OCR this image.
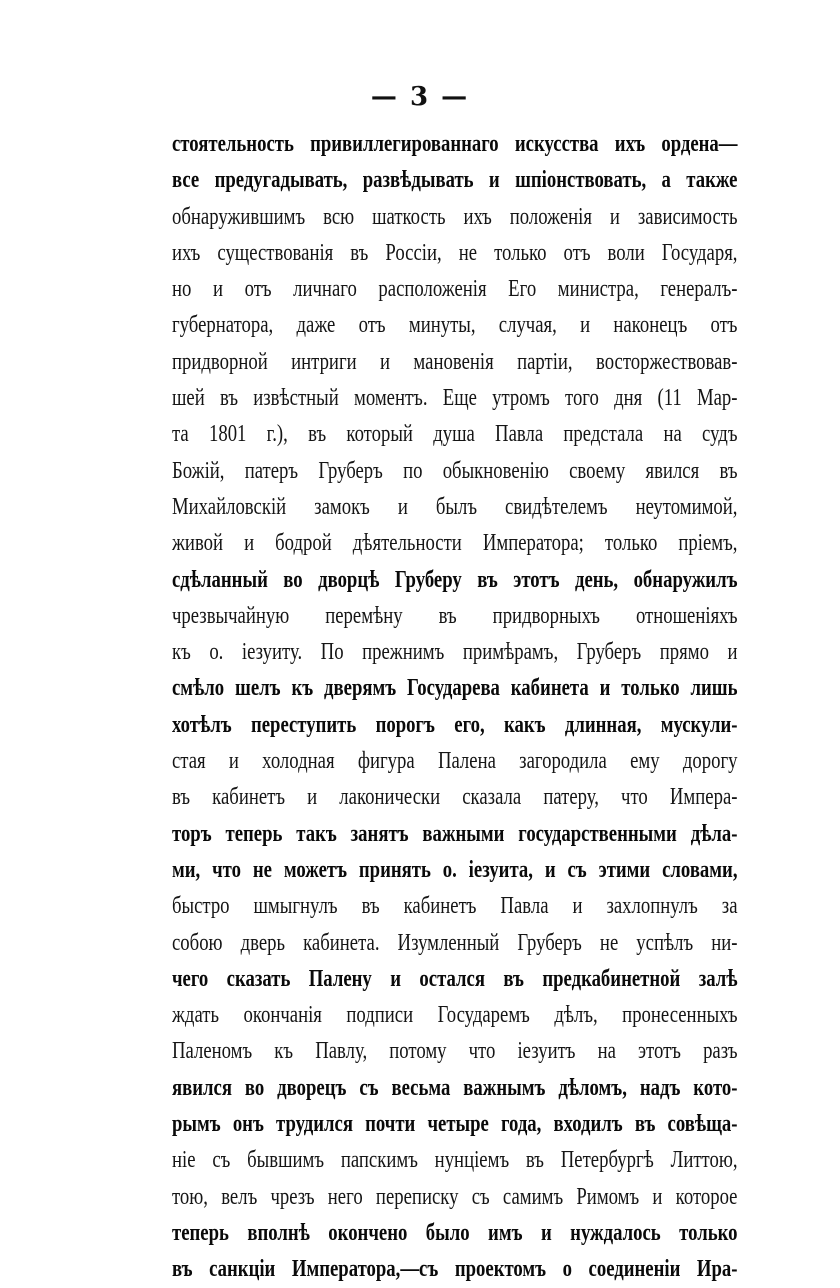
— 3 —
стоятельность привиллегированнаго искусства ихъ ордена—
все предугадывать, развѣдывать и шпіонствовать, а также
обнаружившимъ всю шаткость ихъ положенія и зависимость
ихъ существованія въ Россіи, не только отъ воли Государя,
но и отъ личнаго расположенія Его министра, генералъ-
губернатора, даже отъ минуты, случая, и наконецъ отъ
придворной интриги и мановенія партіи, восторжествовав-
шей въ извѣстный моментъ. Еще утромъ того дня (11 Мар-
та 1801 г.), въ который душа Павла предстала на судъ
Божій, патеръ Груберъ по обыкновенію своему явился въ
Михайловскій замокъ и былъ свидѣтелемъ неутомимой,
живой и бодрой дѣятельности Императора; только пріемъ,
сдѣланный во дворцѣ Груберу въ этотъ день, обнаружилъ
чрезвычайную перемѣну въ придворныхъ отношеніяхъ
къ о. іезуиту. По прежнимъ примѣрамъ, Груберъ прямо и
смѣло шелъ къ дверямъ Государева кабинета и только лишь
хотѣлъ переступить порогъ его, какъ длинная, мускули-
стая и холодная фигура Палена загородила ему дорогу
въ кабинетъ и лаконически сказала патеру, что Импера-
торъ теперь такъ занятъ важными государственными дѣла-
ми, что не можетъ принять о. іезуита, и съ этими словами,
быстро шмыгнулъ въ кабинетъ Павла и захлопнулъ за
собою дверь кабинета. Изумленный Груберъ не успѣлъ ни-
чего сказать Палену и остался въ предкабинетной залѣ
ждать окончанія подписи Государемъ дѣлъ, пронесенныхъ
Паленомъ къ Павлу, потому что іезуитъ на этотъ разъ
явился во дворецъ съ весьма важнымъ дѣломъ, надъ кото-
рымъ онъ трудился почти четыре года, входилъ въ совѣща-
ніе съ бывшимъ папскимъ нунціемъ въ Петербургѣ Литтою,
тою, велъ чрезъ него переписку съ самимъ Римомъ и которое
теперь вполнѣ окончено было имъ и нуждалось только
въ санкціи Императора,—съ проектомъ о соединеніи Ира-
